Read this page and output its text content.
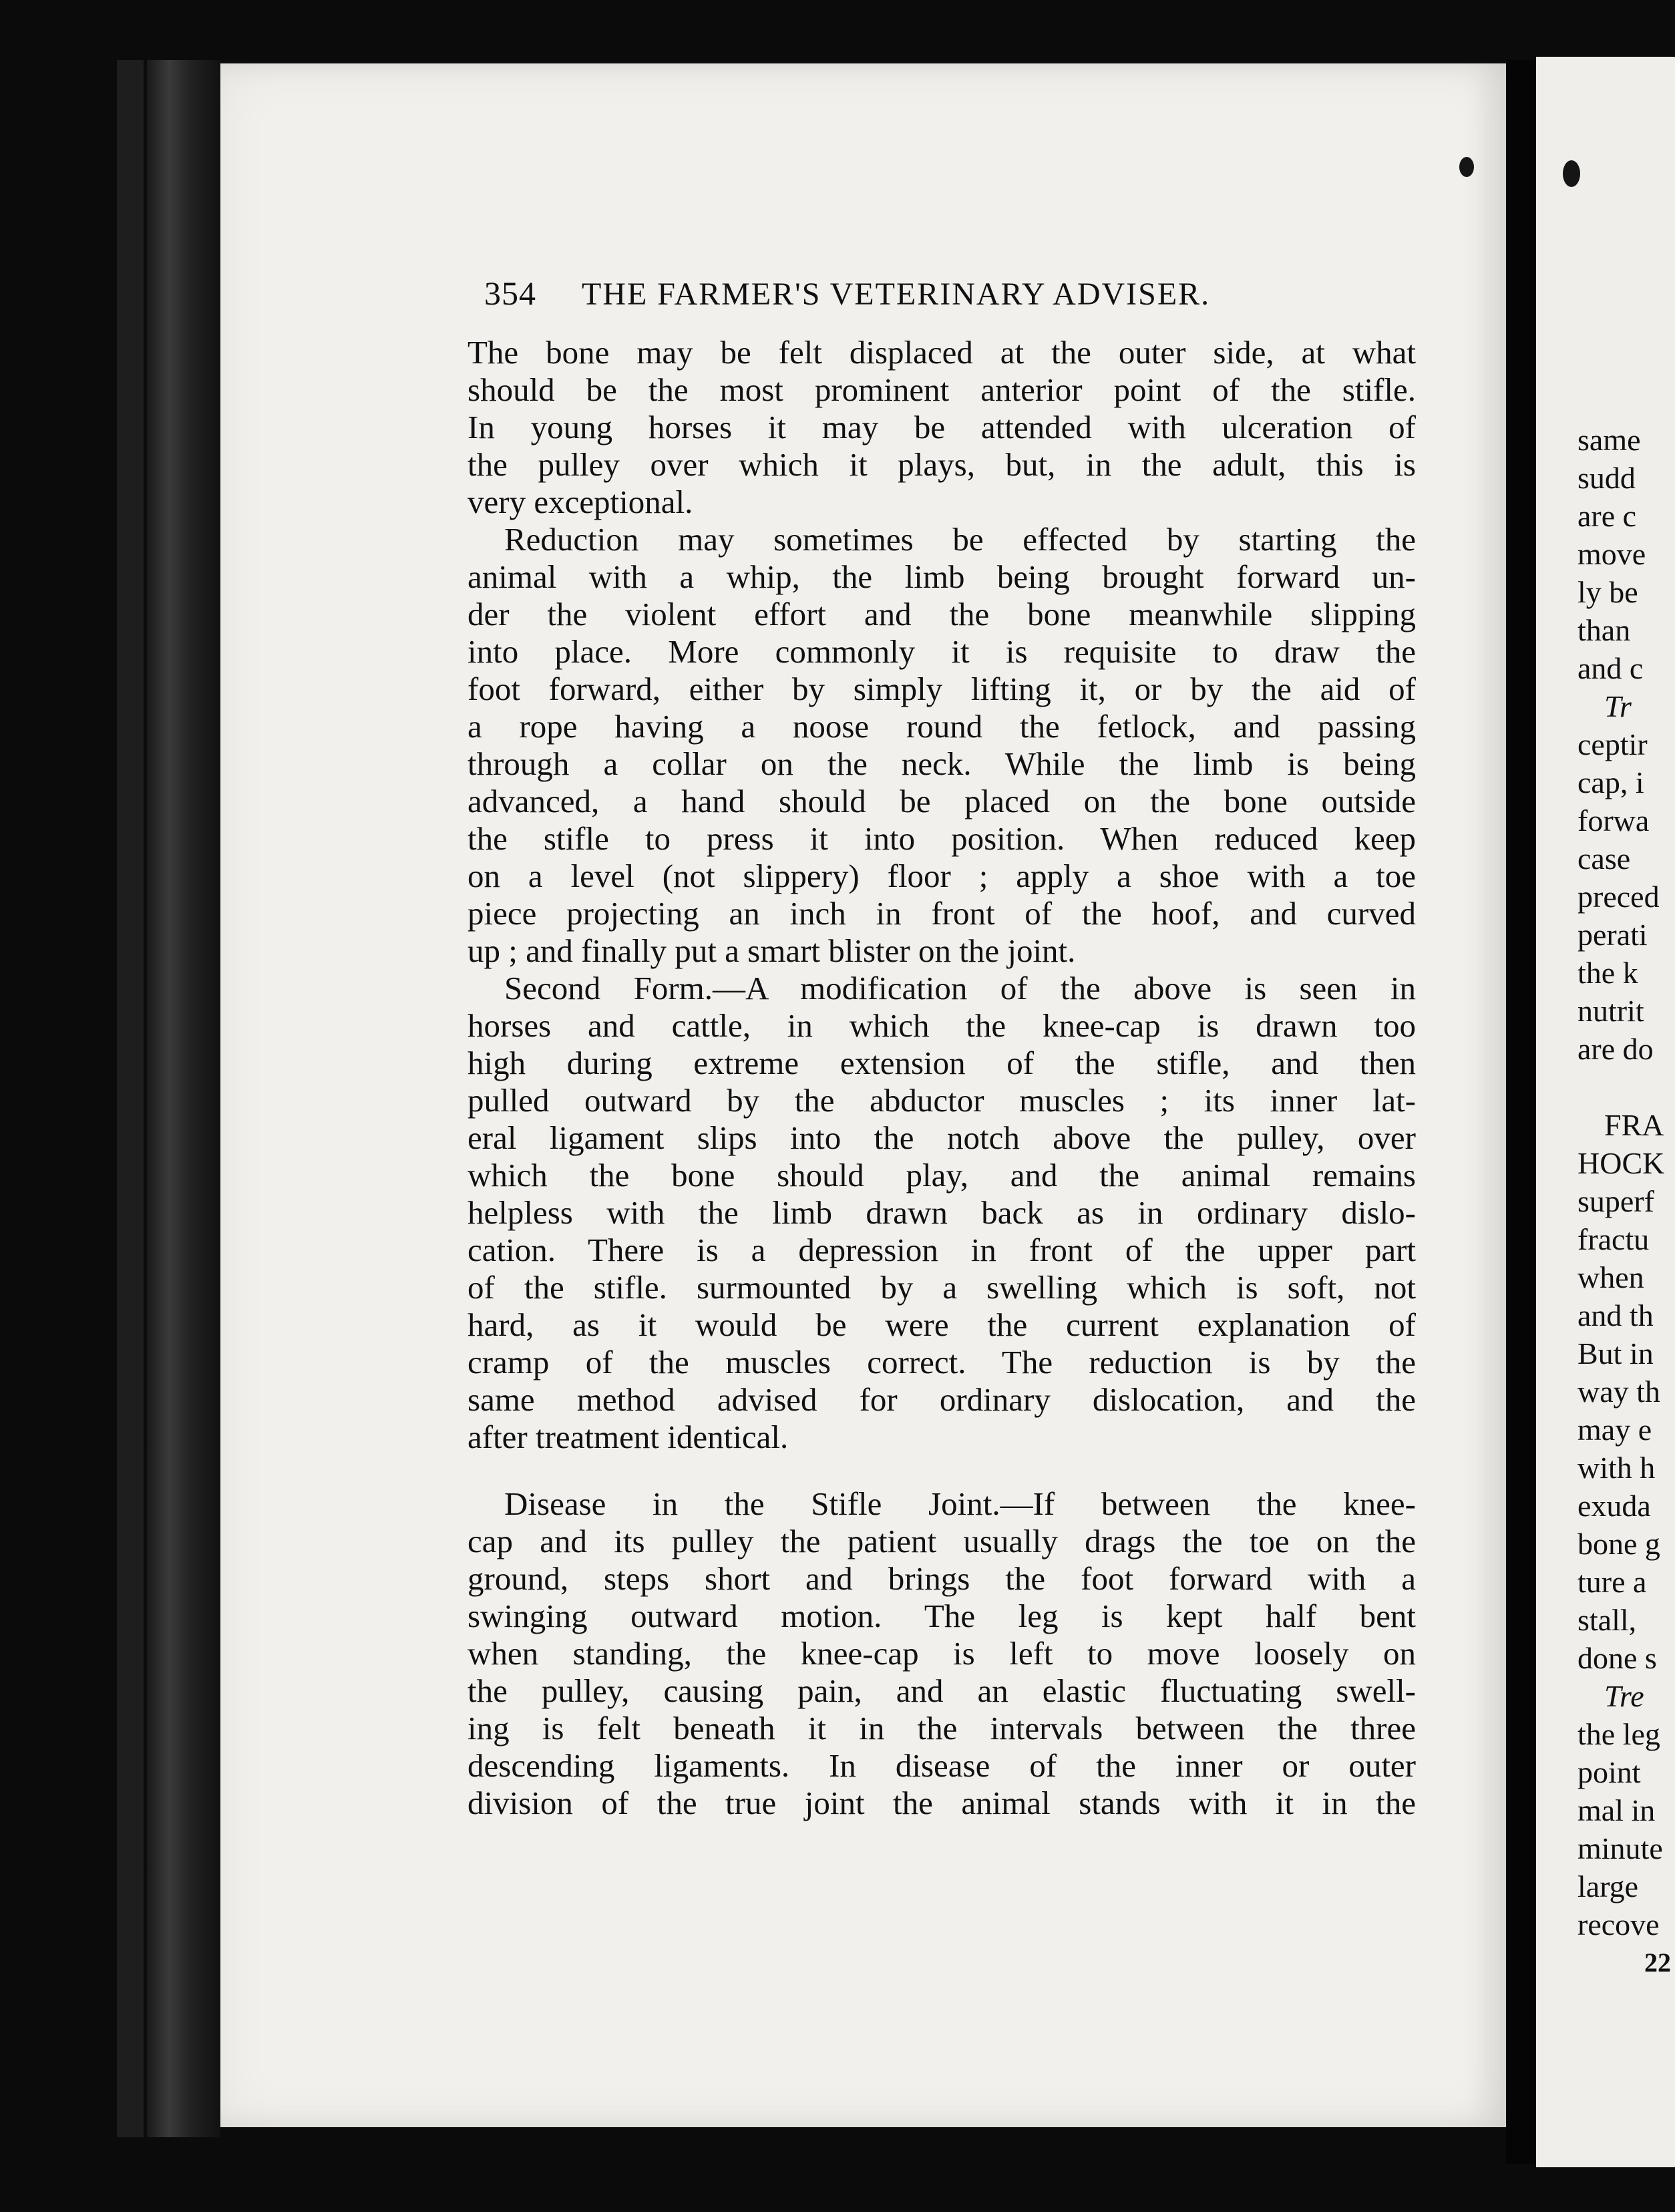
same
sudd
are c
move
ly be
than
and c
Tr
ceptir
cap, i
forwa
case
preced
perati
the k
nutrit
are do
FRA
HOCK
superf
fractu
when
and th
But in
way th
may e
with h
exuda
bone g
ture a
stall,
done s
Tre
the leg
point
mal in
minute
large
recove
22
354 THE FARMER'S VETERINARY ADVISER.
The bone may be felt displaced at the outer side, at what
should be the most prominent anterior point of the stifle.
In young horses it may be attended with ulceration of
the pulley over which it plays, but, in the adult, this is
very exceptional.
Reduction may sometimes be effected by starting the
animal with a whip, the limb being brought forward un-
der the violent effort and the bone meanwhile slipping
into place. More commonly it is requisite to draw the
foot forward, either by simply lifting it, or by the aid of
a rope having a noose round the fetlock, and passing
through a collar on the neck. While the limb is being
advanced, a hand should be placed on the bone outside
the stifle to press it into position. When reduced keep
on a level (not slippery) floor ; apply a shoe with a toe
piece projecting an inch in front of the hoof, and curved
up ; and finally put a smart blister on the joint.
Second Form.—A modification of the above is seen in
horses and cattle, in which the knee-cap is drawn too
high during extreme extension of the stifle, and then
pulled outward by the abductor muscles ; its inner lat-
eral ligament slips into the notch above the pulley, over
which the bone should play, and the animal remains
helpless with the limb drawn back as in ordinary dislo-
cation. There is a depression in front of the upper part
of the stifle. surmounted by a swelling which is soft, not
hard, as it would be were the current explanation of
cramp of the muscles correct. The reduction is by the
same method advised for ordinary dislocation, and the
after treatment identical.
Disease in the Stifle Joint.—If between the knee-
cap and its pulley the patient usually drags the toe on the
ground, steps short and brings the foot forward with a
swinging outward motion. The leg is kept half bent
when standing, the knee-cap is left to move loosely on
the pulley, causing pain, and an elastic fluctuating swell-
ing is felt beneath it in the intervals between the three
descending ligaments. In disease of the inner or outer
division of the true joint the animal stands with it in the
